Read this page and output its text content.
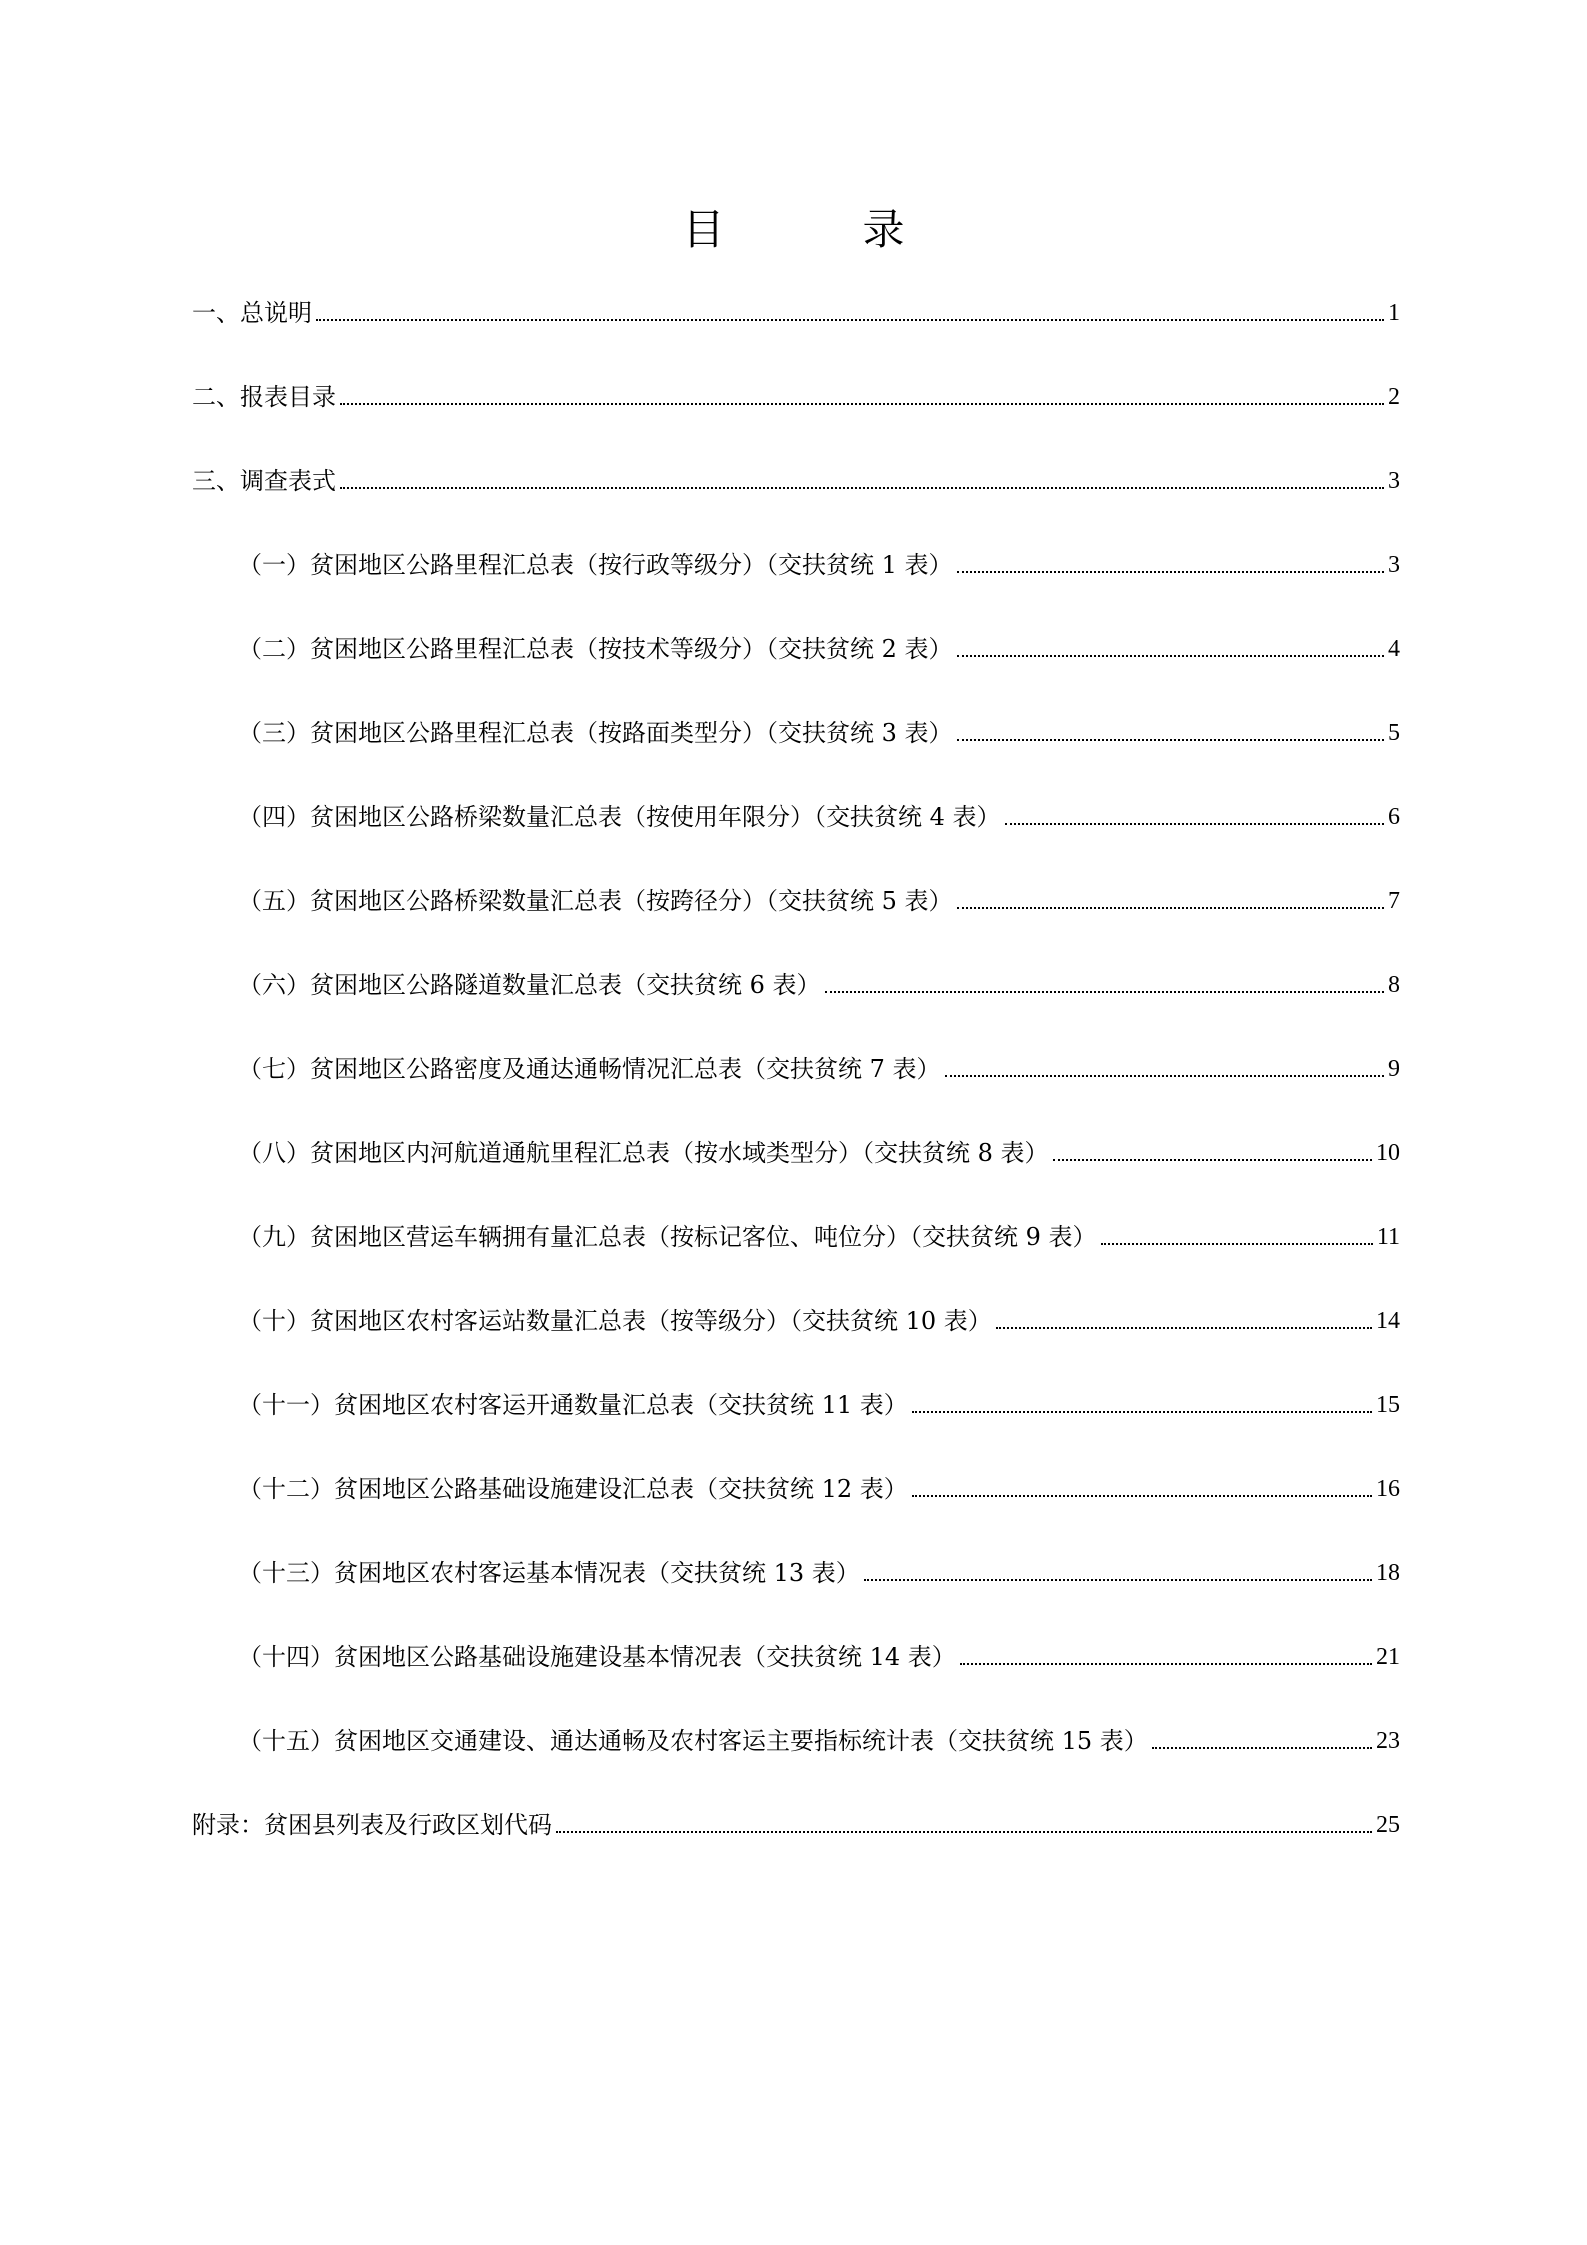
目　录
一、总说明	1
二、报表目录	2
三、调查表式	3
（一）贫困地区公路里程汇总表（按行政等级分）（交扶贫统 1 表）	3
（二）贫困地区公路里程汇总表（按技术等级分）（交扶贫统 2 表）	4
（三）贫困地区公路里程汇总表（按路面类型分）（交扶贫统 3 表）	5
（四）贫困地区公路桥梁数量汇总表（按使用年限分）（交扶贫统 4 表）	6
（五）贫困地区公路桥梁数量汇总表（按跨径分）（交扶贫统 5 表）	7
（六）贫困地区公路隧道数量汇总表（交扶贫统 6 表）	8
（七）贫困地区公路密度及通达通畅情况汇总表（交扶贫统 7 表）	9
（八）贫困地区内河航道通航里程汇总表（按水域类型分）（交扶贫统 8 表）	10
（九）贫困地区营运车辆拥有量汇总表（按标记客位、吨位分）（交扶贫统 9 表）	11
（十）贫困地区农村客运站数量汇总表（按等级分）（交扶贫统 10 表）	14
（十一）贫困地区农村客运开通数量汇总表（交扶贫统 11 表）	15
（十二）贫困地区公路基础设施建设汇总表（交扶贫统 12 表）	16
（十三）贫困地区农村客运基本情况表（交扶贫统 13 表）	18
（十四）贫困地区公路基础设施建设基本情况表（交扶贫统 14 表）	21
（十五）贫困地区交通建设、通达通畅及农村客运主要指标统计表（交扶贫统 15 表）	23
附录：贫困县列表及行政区划代码	25
